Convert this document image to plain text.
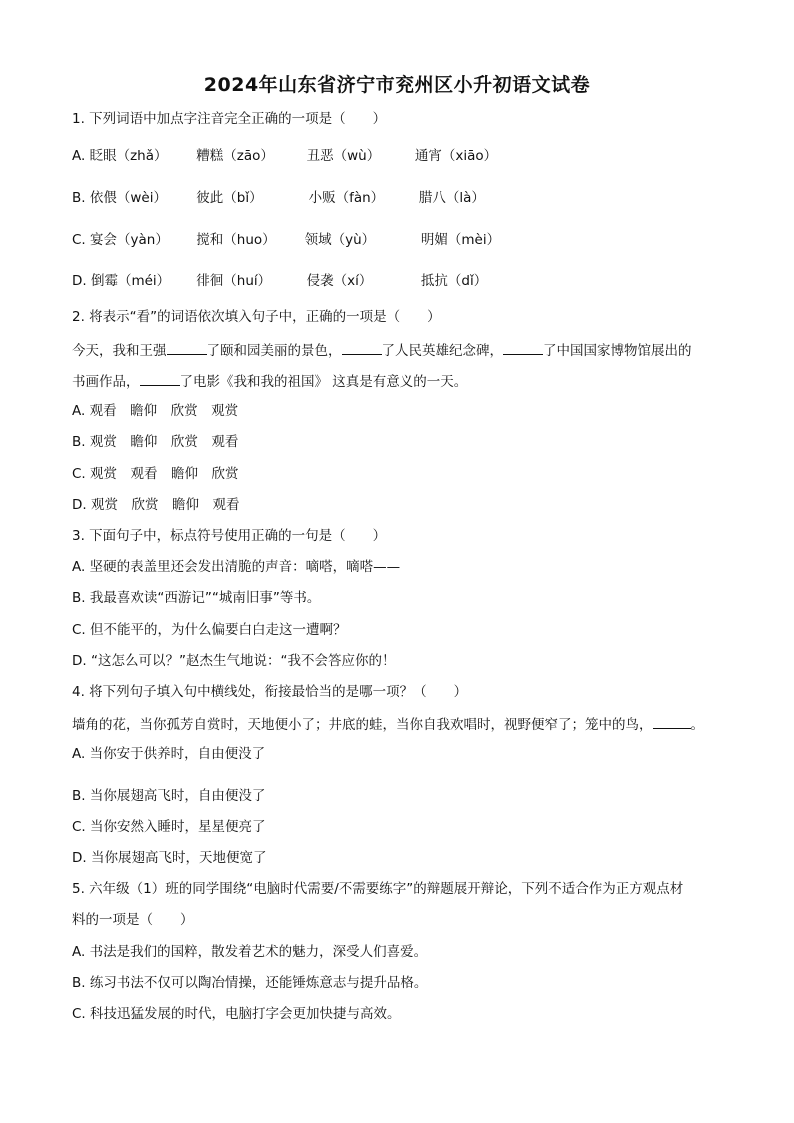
2024年山东省济宁市兖州区小升初语文试卷
1. 下列词语中加点字注音完全正确的一项是（　　）
A. 眨眼（zhǎ） 糟糕（zāo） 丑恶（wù）	通宵（xiāo）
B. 依偎（wèi） 彼此（bǐ）	小贩（fàn）	腊八（là）
C. 宴会（yàn） 搅和（huo） 领域（yù）	明媚（mèi）
D. 倒霉（méi） 徘徊（huí）	侵袭（xí）	抵抗（dǐ）
2. 将表示“看”的词语依次填入句子中，正确的一项是（　　）
今天，我和王强	了颐和园美丽的景色，	了人民英雄纪念碑，	了中国国家博物馆展出的
书画作品，	了电影《我和我的祖国》 这真是有意义的一天。
A. 观看　瞻仰　欣赏　观赏
B. 观赏　瞻仰　欣赏　观看
C. 观赏　观看　瞻仰　欣赏
D. 观赏　欣赏　瞻仰　观看
3. 下面句子中，标点符号使用正确的一句是（　　）
A. 坚硬的表盖里还会发出清脆的声音：嘀嗒，嘀嗒——
B. 我最喜欢读“西游记”“城南旧事”等书。
C. 但不能平的，为什么偏要白白走这一遭啊？
D. “这怎么可以？”赵杰生气地说：“我不会答应你的！
4. 将下列句子填入句中横线处，衔接最恰当的是哪一项？（　　）
墙角的花，当你孤芳自赏时，天地便小了；井底的蛙，当你自我欢唱时，视野便窄了；笼中的鸟，	。
A. 当你安于供养时，自由便没了
B. 当你展翅高飞时，自由便没了
C. 当你安然入睡时，星星便亮了
D. 当你展翅高飞时，天地便宽了
5. 六年级（1）班的同学围绕“电脑时代需要/不需要练字”的辩题展开辩论，下列不适合作为正方观点材
料的一项是（　　）
A. 书法是我们的国粹，散发着艺术的魅力，深受人们喜爱。
B. 练习书法不仅可以陶冶情操，还能锤炼意志与提升品格。
C. 科技迅猛发展的时代，电脑打字会更加快捷与高效。
